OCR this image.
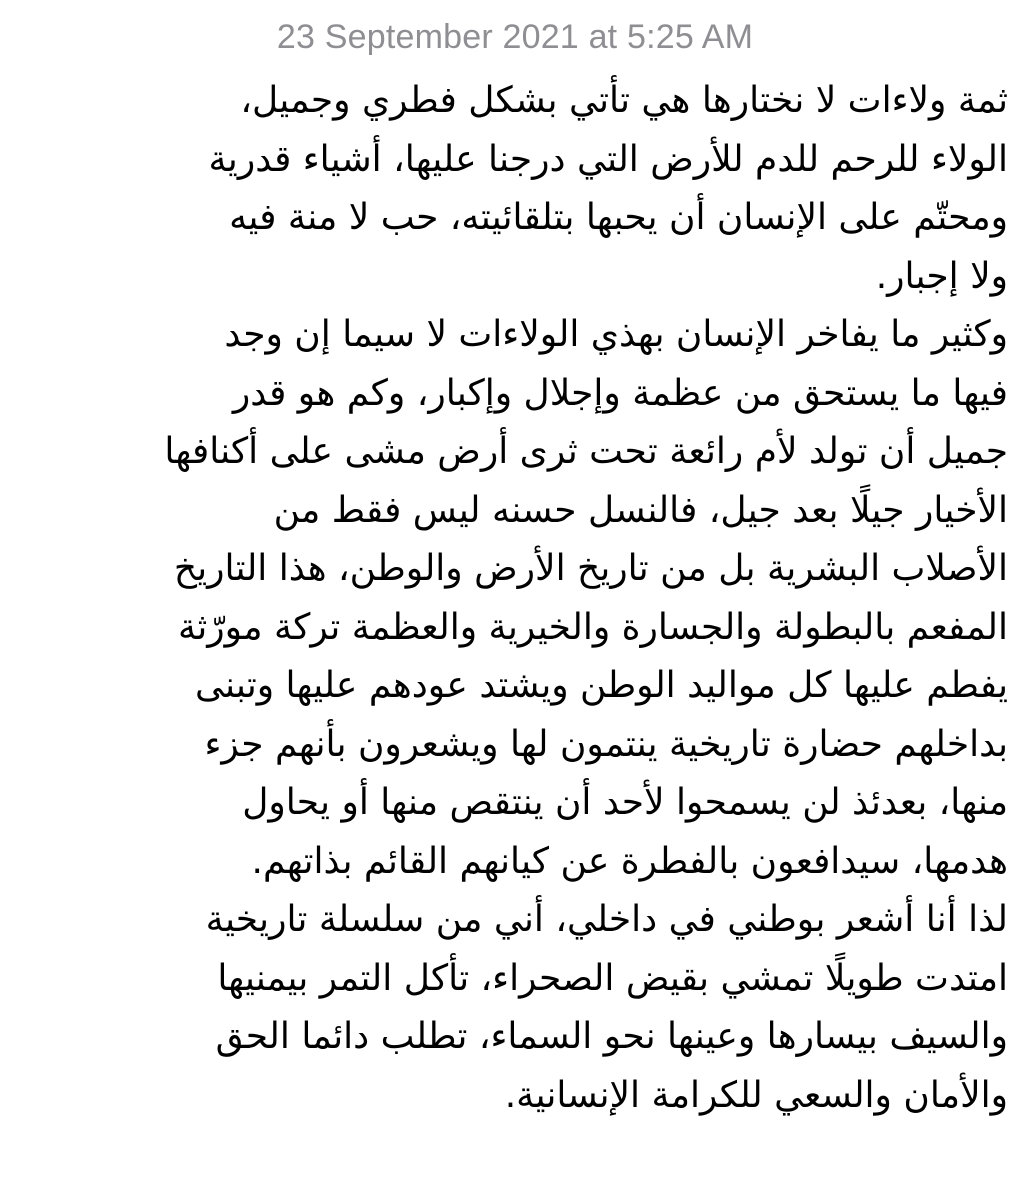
23 September 2021 at 5:25 AM
ثمة ولاءات لا نختارها هي تأتي بشكل فطري وجميل،
الولاء للرحم للدم للأرض التي درجنا عليها، أشياء قدرية
ومحتّم على الإنسان أن يحبها بتلقائيته، حب لا منة فيه
ولا إجبار.
وكثير ما يفاخر الإنسان بهذي الولاءات لا سيما إن وجد
فيها ما يستحق من عظمة وإجلال وإكبار، وكم هو قدر
جميل أن تولد لأم رائعة تحت ثرى أرض مشى على أكنافها
الأخيار جيلًا بعد جيل، فالنسل حسنه ليس فقط من
الأصلاب البشرية بل من تاريخ الأرض والوطن، هذا التاريخ
المفعم بالبطولة والجسارة والخيرية والعظمة تركة مورّثة
يفطم عليها كل مواليد الوطن ويشتد عودهم عليها وتبنى
بداخلهم حضارة تاريخية ينتمون لها ويشعرون بأنهم جزء
منها، بعدئذ لن يسمحوا لأحد أن ينتقص منها أو يحاول
هدمها، سيدافعون بالفطرة عن كيانهم القائم بذاتهم.
لذا أنا أشعر بوطني في داخلي، أني من سلسلة تاريخية
امتدت طويلًا تمشي بقيض الصحراء، تأكل التمر بيمنيها
والسيف بيسارها وعينها نحو السماء، تطلب دائما الحق
والأمان والسعي للكرامة الإنسانية.
